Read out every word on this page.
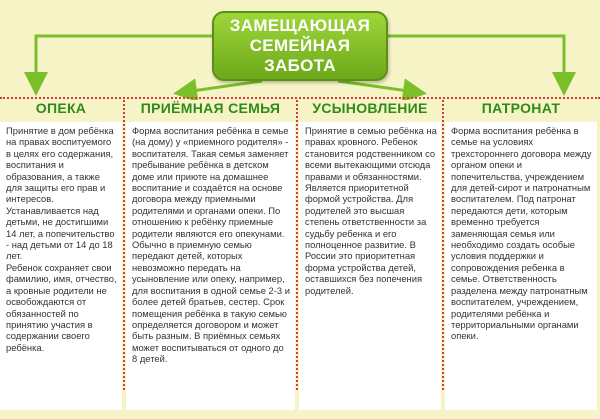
ЗАМЕЩАЮЩАЯ
СЕМЕЙНАЯ
ЗАБОТА
ОПЕКА

Принятие в дом ребёнка на правах воспитуемого в целях его содержания, воспитания и образования, а также для защиты его прав и интересов.

Устанавливается над детьми, не достигшими 14 лет, а попечительство - над детьми от 14 до 18 лет.

Ребенок сохраняет свои фамилию, имя, отчество, а кровные родители не освобождаются от обязанностей по принятию участия в содержании своего ребёнка.

ПРИЁМНАЯ СЕМЬЯ

Форма воспитания ребёнка в семье (на дому) у «приемного родителя» - воспитателя. Такая семья заменяет пребывание ребёнка в детском доме или приюте на домашнее воспитание и создаётся на основе договора между приемными родителями и органами опеки. По отношению к ребёнку приемные родители являются его опекунами. Обычно в приемную семью передают детей, которых невозможно передать на усыновление или опеку, например, для воспитания в одной семье 2-3 и более детей братьев, сестер. Срок помещения ребёнка в такую семью определяется договором и может быть разным. В приёмных семьях может воспитываться от одного до 8 детей.

УСЫНОВЛЕНИЕ

Принятие в семью ребёнка на правах кровного. Ребенок становится родственником со всеми вытекающими отсюда правами и обязанностями. Является приоритетной формой устройства. Для родителей это высшая степень ответственности за судьбу ребенка и его полноценное развитие. В России это приоритетная форма устройства детей, оставшихся без попечения родителей.

ПАТРОНАТ

Форма воспитания ребёнка в семье на условиях трехстороннего договора между органом опеки и попечительства, учреждением для детей-сирот и патронатным воспитателем. Под патронат передаются дети, которым временно требуется заменяющая семья или необходимо создать особые условия поддержки и сопровождения ребенка в семье. Ответственность разделена между патронатным воспитателем, учреждением, родителями ребёнка и территориальными органами опеки.
